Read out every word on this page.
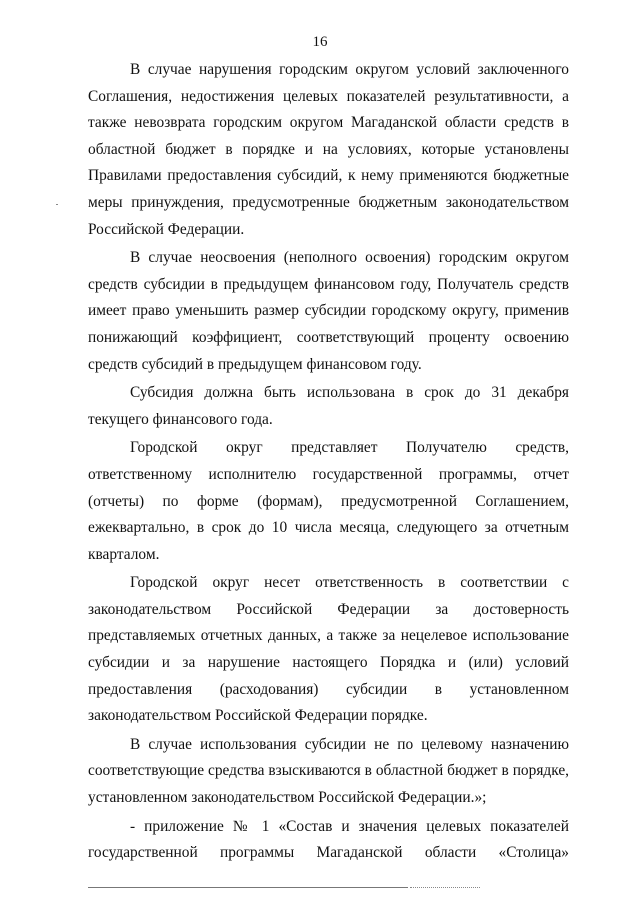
16

В случае нарушения городским округом условий заключенного Соглашения, недостижения целевых показателей результативности, а также невозврата городским округом Магаданской области средств в областной бюджет в порядке и на условиях, которые установлены Правилами предоставления субсидий, к нему применяются бюджетные меры принуждения, предусмотренные бюджетным законодательством Российской Федерации.

В случае неосвоения (неполного освоения) городским округом средств субсидии в предыдущем финансовом году, Получатель средств имеет право уменьшить размер субсидии городскому округу, применив понижающий коэффициент, соответствующий проценту освоению средств субсидий в предыдущем финансовом году.

Субсидия должна быть использована в срок до 31 декабря текущего финансового года.

Городской округ представляет Получателю средств, ответственному исполнителю государственной программы, отчет (отчеты) по форме (формам), предусмотренной Соглашением, ежеквартально, в срок до 10 числа месяца, следующего за отчетным кварталом.

Городской округ несет ответственность в соответствии с законодательством Российской Федерации за достоверность представляемых отчетных данных, а также за нецелевое использование субсидии и за нарушение настоящего Порядка и (или) условий предоставления (расходования) субсидии в установленном законодательством Российской Федерации порядке.

В случае использования субсидии не по целевому назначению соответствующие средства взыскиваются в областной бюджет в порядке, установленном законодательством Российской Федерации.»;

- приложение № 1 «Состав и значения целевых показателей государственной программы Магаданской области «Столица»
